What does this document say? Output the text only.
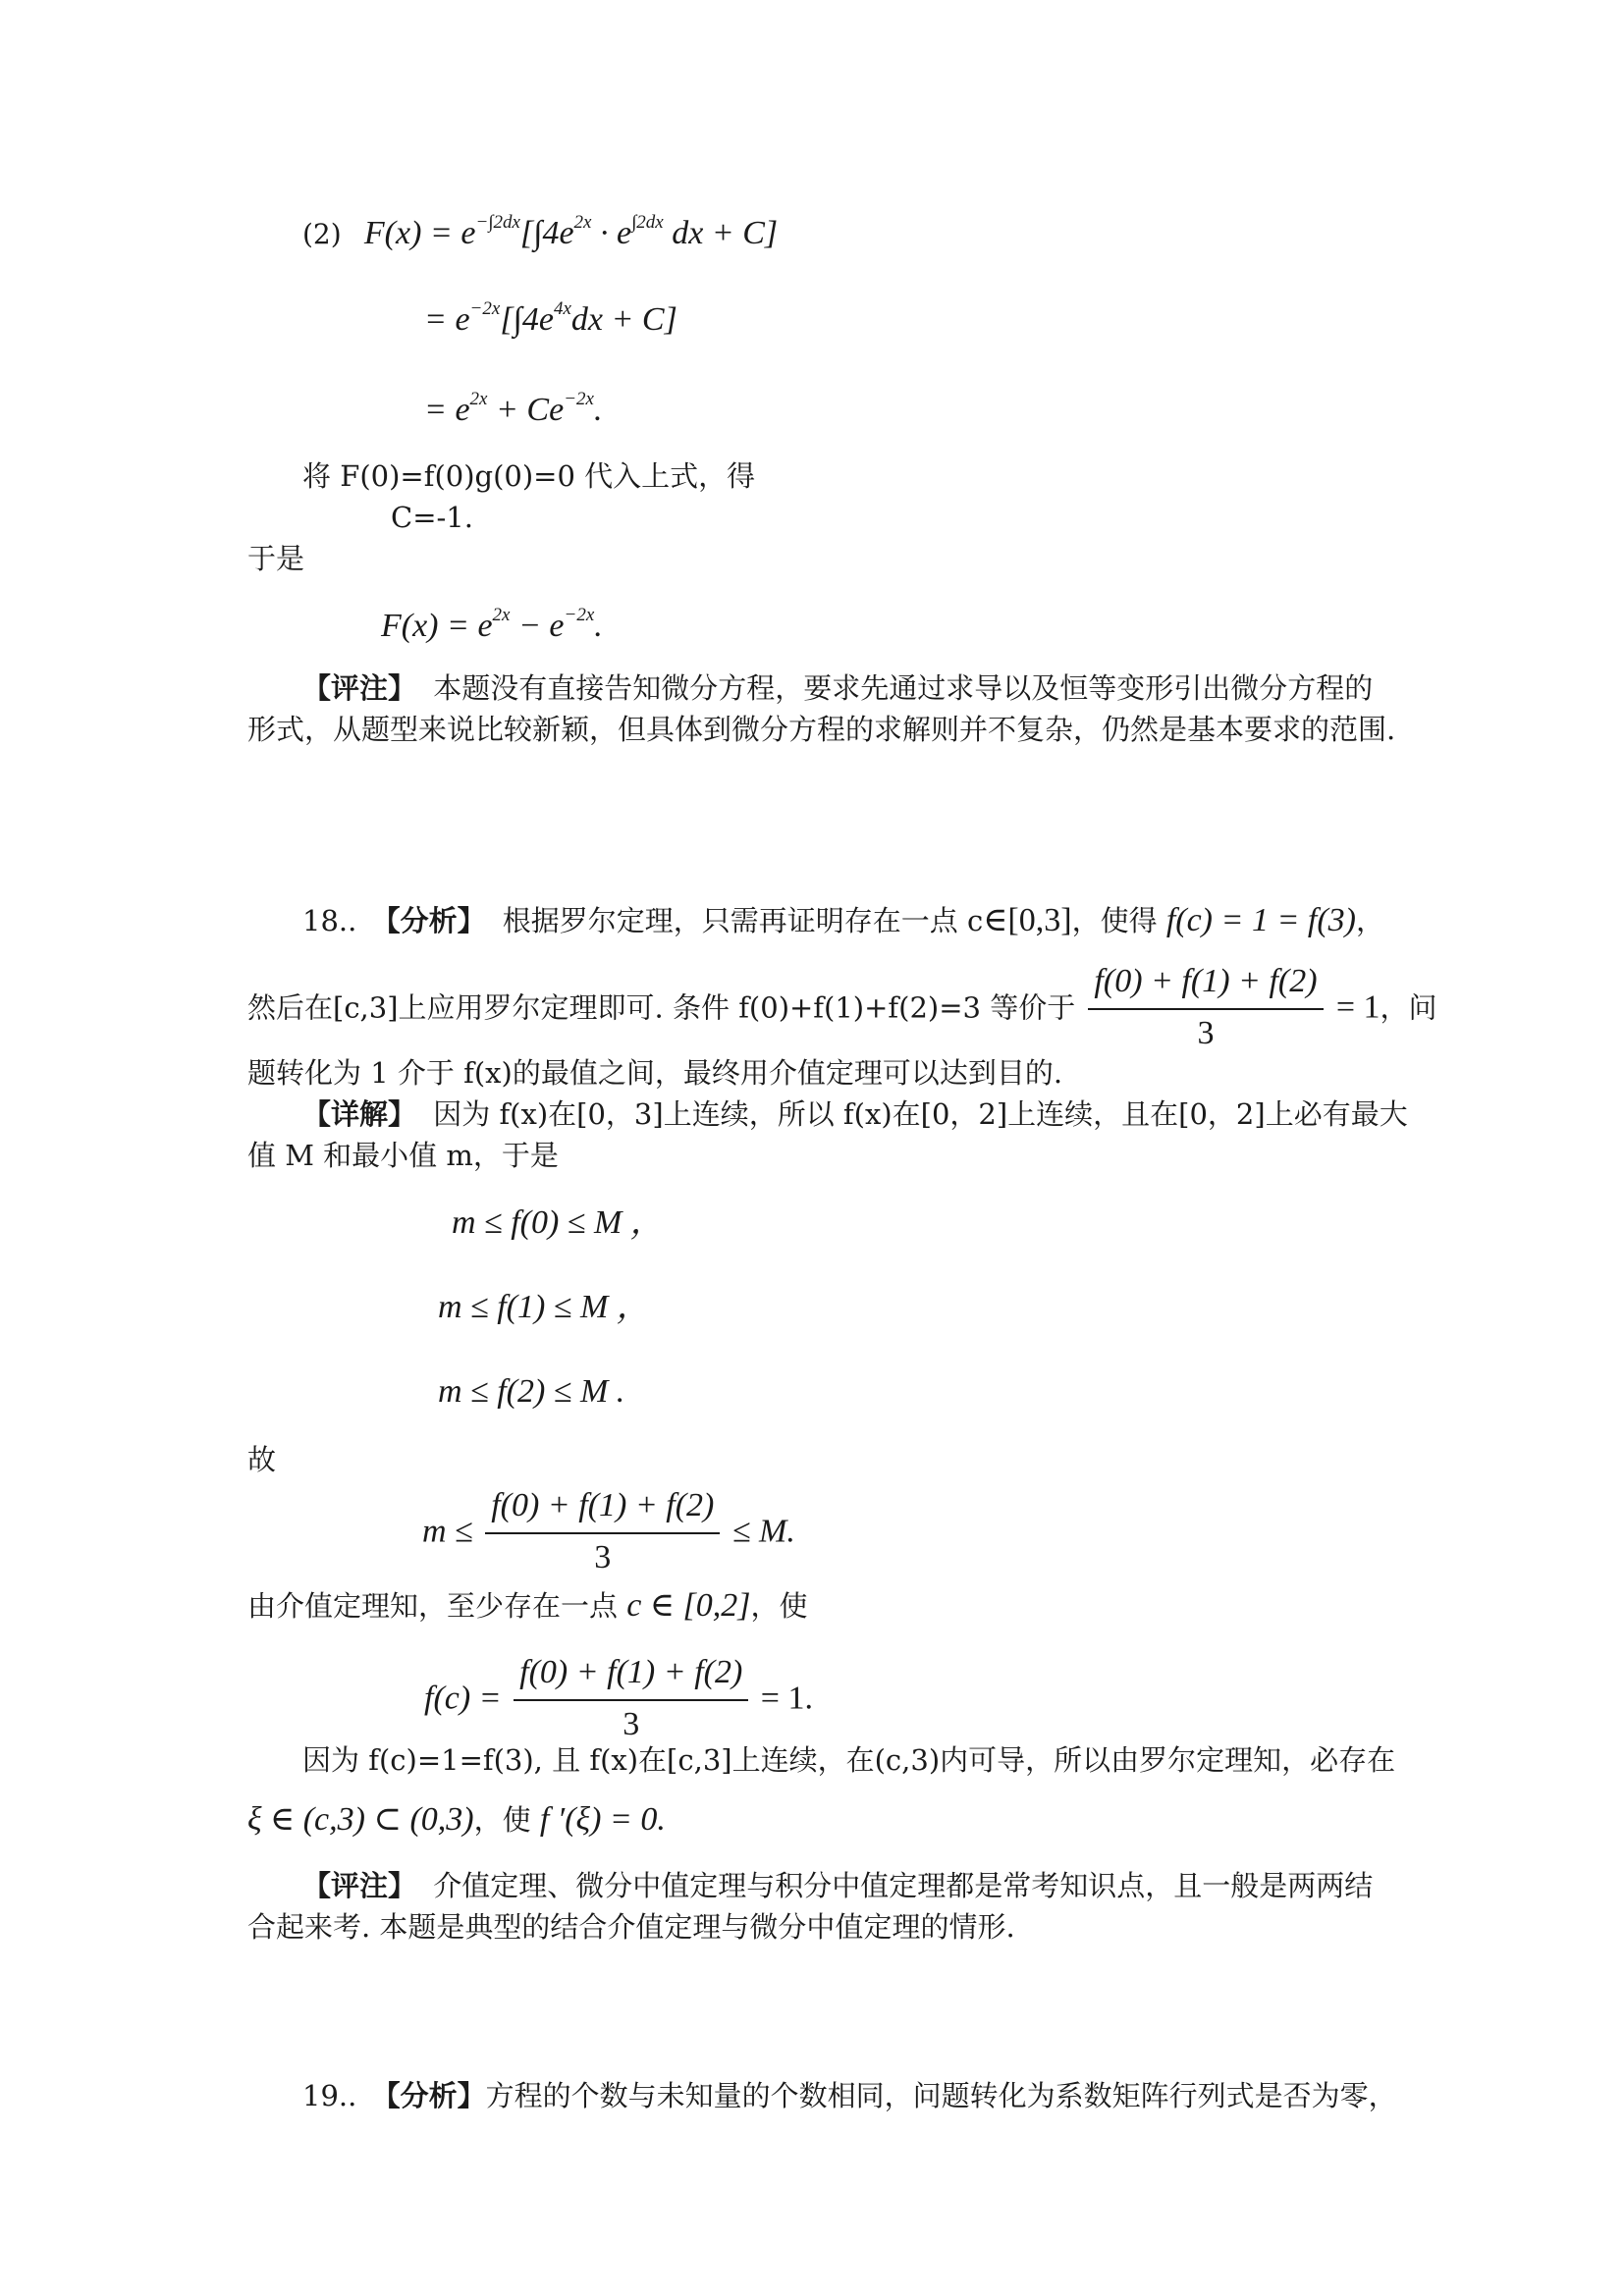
(2) $F(x) = e^{-\int 2dx}[\int 4e^{2x} \cdot e^{\int 2dx}$ dx + C]
= $e^{-2x}[\int 4e^{4x}dx + C]$
= $e^{2x} + Ce^{-2x}$.
将 F(0)=f(0)g(0)=0 代入上式，得
C=-1.
于是
$F(x) = e^{2x} - e^{-2x}$.
【评注】 本题没有直接告知微分方程，要求先通过求导以及恒等变形引出微分方程的
形式，从题型来说比较新颖，但具体到微分方程的求解则并不复杂，仍然是基本要求的范围.
18.. 【分析】 根据罗尔定理，只需再证明存在一点 c∈[0,3]，使得 f(c) = 1 = f(3)，
然后在[c,3]上应用罗尔定理即可. 条件 f(0)+f(1)+f(2)=3 等价于 $\frac{f(0) + f(1) + f(2)}{3} = 1$，问
题转化为 1 介于 f(x)的最值之间，最终用介值定理可以达到目的.
【详解】 因为 f(x)在[0，3]上连续，所以 f(x)在[0，2]上连续，且在[0，2]上必有最大
值 M 和最小值 m，于是
m ≤ f(0) ≤ M ，
m ≤ f(1) ≤ M ，
m ≤ f(2) ≤ M .
故
$m \le \frac{f(0) + f(1) + f(2)}{3} \le M$.
由介值定理知，至少存在一点 c ∈ [0,2]，使
$f(c) = \frac{f(0) + f(1) + f(2)}{3} = 1$.
因为 f(c)=1=f(3), 且 f(x)在[c,3]上连续，在(c,3)内可导，所以由罗尔定理知，必存在
ξ ∈ (c,3) ⊂ (0,3)，使 f ′(ξ) = 0.
【评注】 介值定理、微分中值定理与积分中值定理都是常考知识点，且一般是两两结
合起来考. 本题是典型的结合介值定理与微分中值定理的情形.
19.. 【分析】方程的个数与未知量的个数相同，问题转化为系数矩阵行列式是否为零，
